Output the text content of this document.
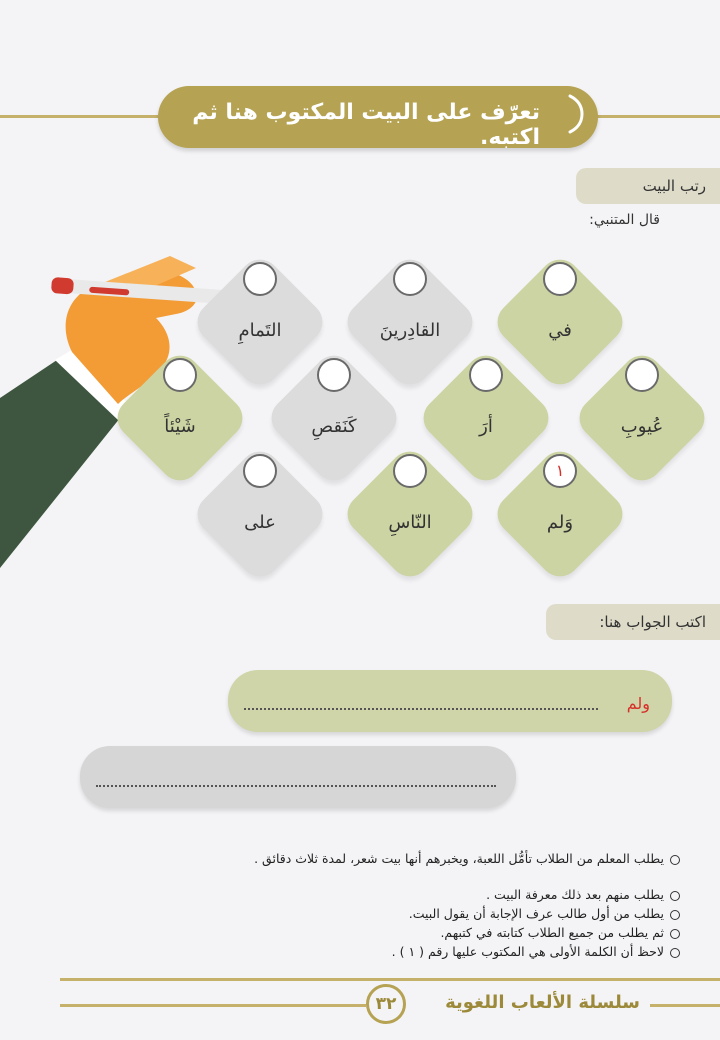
تعرّف على البيت المكتوب هنا ثم اكتبه.
رتب البيت
قال المتنبي:
في
القادِرينَ
التَمامِ
عُيوبِ
أرَ
كَنَقصِ
شَيْئاً
١
وَلم
النّاسِ
على
اكتب الجواب هنا:
ولم
يطلب المعلم من الطلاب تأمُّل اللعبة، ويخبرهم أنها بيت شعر، لمدة ثلاث دقائق .
يطلب منهم بعد ذلك معرفة البيت .
يطلب من أول طالب عرف الإجابة أن يقول البيت.
ثم يطلب من جميع الطلاب كتابته في كتبهم.
لاحظ أن الكلمة الأولى هي المكتوب عليها رقم ( ١ ) .
٣٢	سلسلة الألعاب اللغوية
